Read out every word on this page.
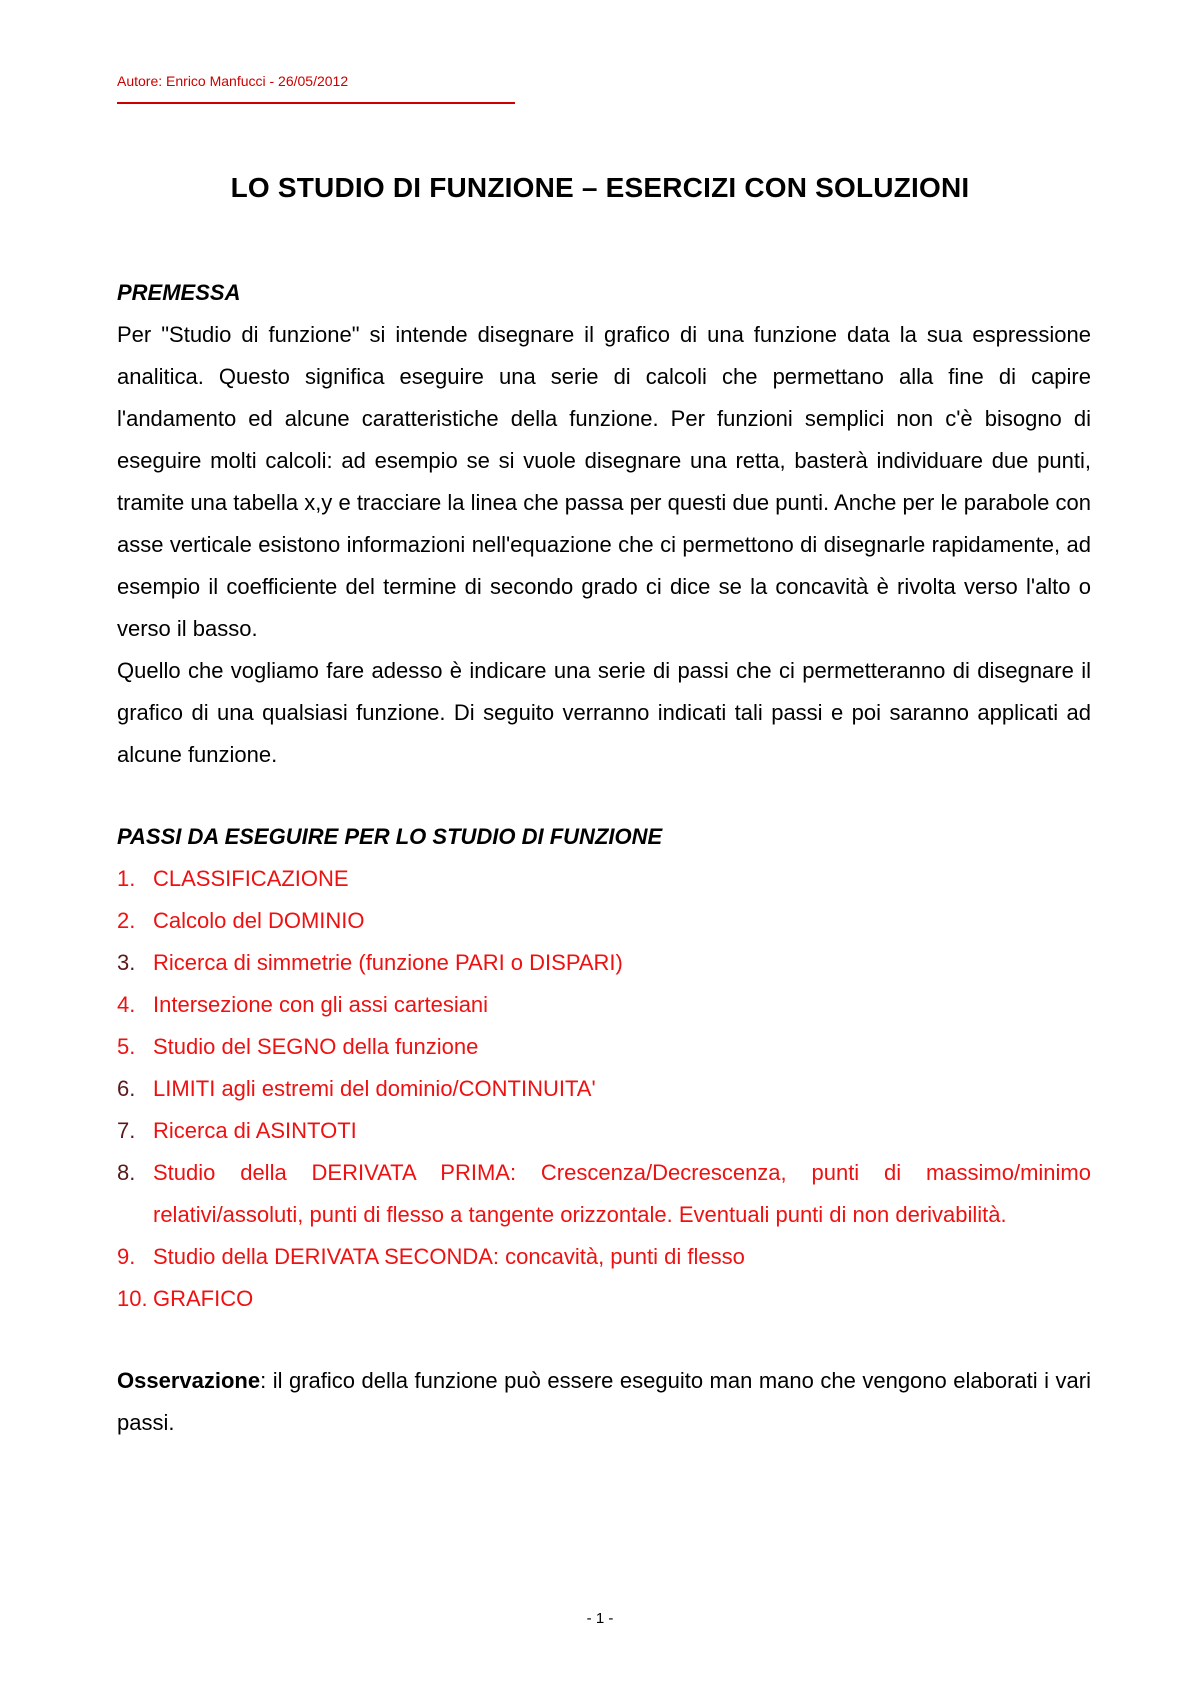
Autore: Enrico Manfucci - 26/05/2012
LO STUDIO DI FUNZIONE – ESERCIZI CON SOLUZIONI
PREMESSA

Per "Studio di funzione" si intende disegnare il grafico di una funzione data la sua espressione analitica. Questo significa eseguire una serie di calcoli che permettano alla fine di capire l'andamento ed alcune caratteristiche della funzione. Per funzioni semplici non c'è bisogno di eseguire molti calcoli: ad esempio se si vuole disegnare una retta, basterà individuare due punti, tramite una tabella x,y e tracciare la linea che passa per questi due punti. Anche per le parabole con asse verticale esistono informazioni nell'equazione che ci permettono di disegnarle rapidamente, ad esempio il coefficiente del termine di secondo grado ci dice se la concavità è rivolta verso l'alto o verso il basso.

Quello che vogliamo fare adesso è indicare una serie di passi che ci permetteranno di disegnare il grafico di una qualsiasi funzione. Di seguito verranno indicati tali passi e poi saranno applicati ad alcune funzione.

PASSI DA ESEGUIRE PER LO STUDIO DI FUNZIONE
1. CLASSIFICAZIONE
2. Calcolo del DOMINIO
3. Ricerca di simmetrie (funzione PARI o DISPARI)
4. Intersezione con gli assi cartesiani
5. Studio del SEGNO della funzione
6. LIMITI agli estremi del dominio/CONTINUITA'
7. Ricerca di ASINTOTI
8. Studio della DERIVATA PRIMA: Crescenza/Decrescenza, punti di massimo/minimo relativi/assoluti, punti di flesso a tangente orizzontale. Eventuali punti di non derivabilità.
9. Studio della DERIVATA SECONDA: concavità, punti di flesso
10. GRAFICO

Osservazione: il grafico della funzione può essere eseguito man mano che vengono elaborati i vari passi.

- 1 -
